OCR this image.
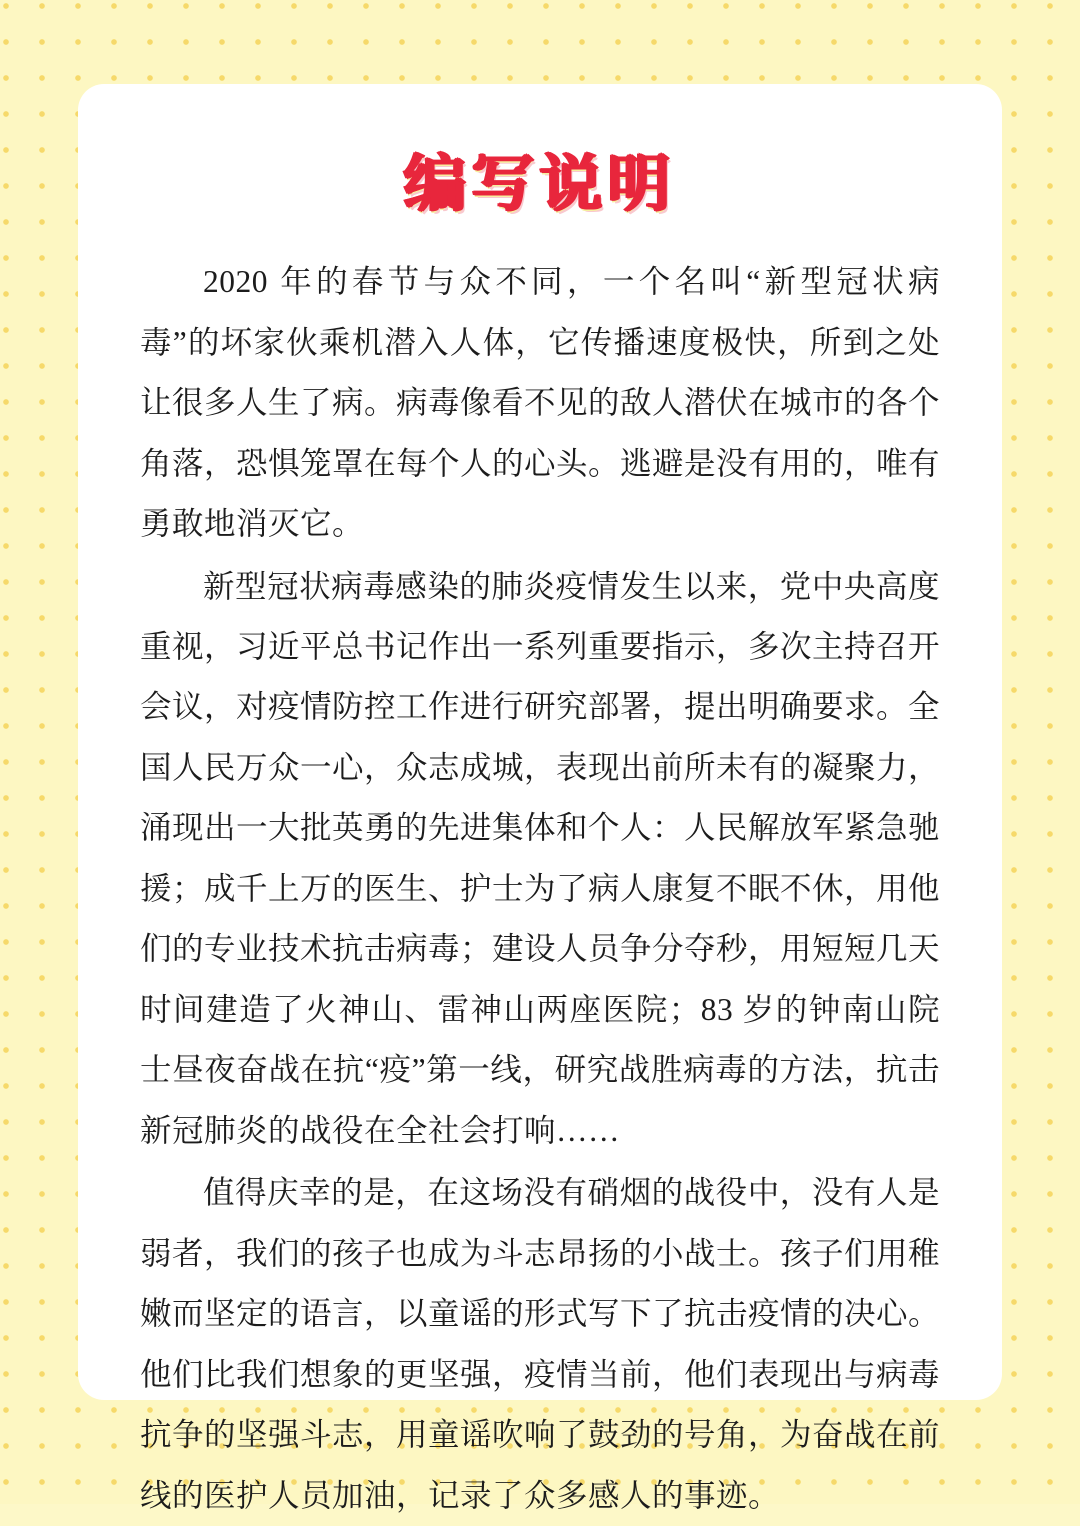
编写说明

2020 年的春节与众不同，一个名叫“新型冠状病毒”的坏家伙乘机潜入人体，它传播速度极快，所到之处让很多人生了病。病毒像看不见的敌人潜伏在城市的各个角落，恐惧笼罩在每个人的心头。逃避是没有用的，唯有勇敢地消灭它。

新型冠状病毒感染的肺炎疫情发生以来，党中央高度重视，习近平总书记作出一系列重要指示，多次主持召开会议，对疫情防控工作进行研究部署，提出明确要求。全国人民万众一心，众志成城，表现出前所未有的凝聚力，涌现出一大批英勇的先进集体和个人：人民解放军紧急驰援；成千上万的医生、护士为了病人康复不眠不休，用他们的专业技术抗击病毒；建设人员争分夺秒，用短短几天时间建造了火神山、雷神山两座医院；83 岁的钟南山院士昼夜奋战在抗“疫”第一线，研究战胜病毒的方法，抗击新冠肺炎的战役在全社会打响……

值得庆幸的是，在这场没有硝烟的战役中，没有人是弱者，我们的孩子也成为斗志昂扬的小战士。孩子们用稚嫩而坚定的语言，以童谣的形式写下了抗击疫情的决心。他们比我们想象的更坚强，疫情当前，他们表现出与病毒抗争的坚强斗志，用童谣吹响了鼓劲的号角，为奋战在前线的医护人员加油，记录了众多感人的事迹。
